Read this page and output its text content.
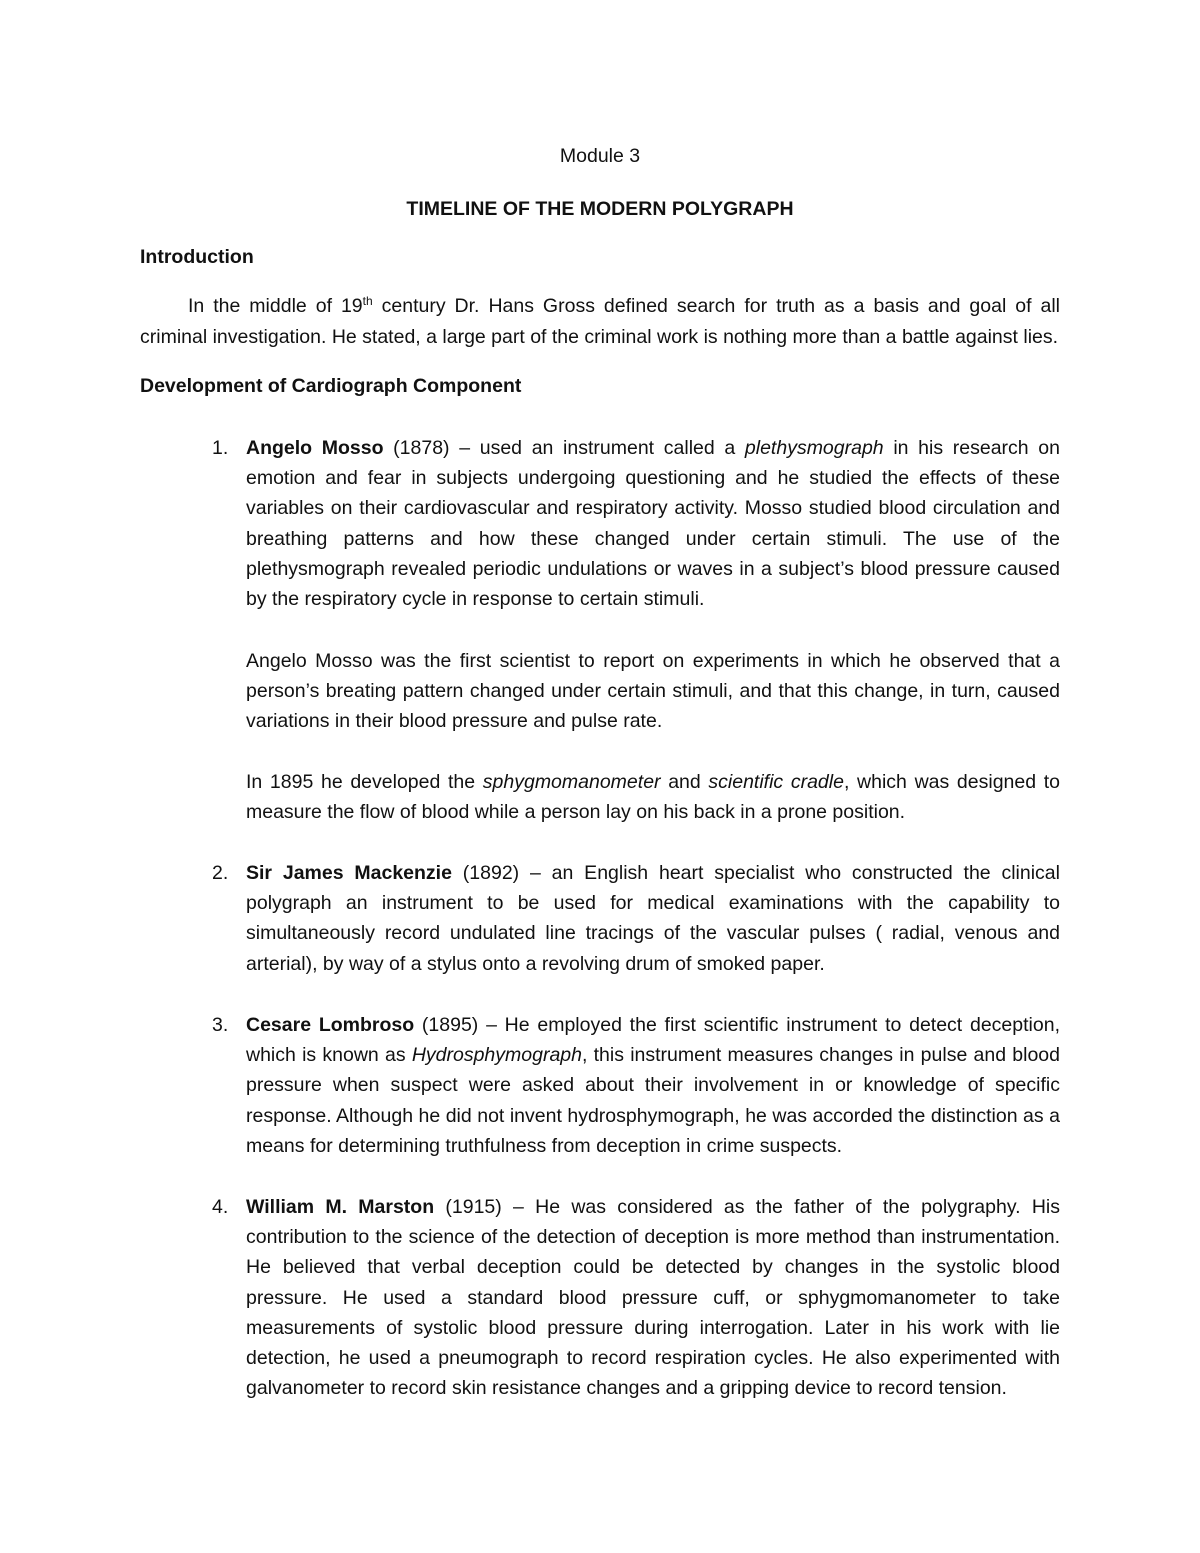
Module 3
TIMELINE OF THE MODERN POLYGRAPH
Introduction

In the middle of 19th century Dr. Hans Gross defined search for truth as a basis and goal of all criminal investigation. He stated, a large part of the criminal work is nothing more than a battle against lies.

Development of Cardiograph Component
1. Angelo Mosso (1878) – used an instrument called a plethysmograph in his research on emotion and fear in subjects undergoing questioning and he studied the effects of these variables on their cardiovascular and respiratory activity. Mosso studied blood circulation and breathing patterns and how these changed under certain stimuli. The use of the plethysmograph revealed periodic undulations or waves in a subject’s blood pressure caused by the respiratory cycle in response to certain stimuli.

Angelo Mosso was the first scientist to report on experiments in which he observed that a person’s breating pattern changed under certain stimuli, and that this change, in turn, caused variations in their blood pressure and pulse rate.

In 1895 he developed the sphygmomanometer and scientific cradle, which was designed to measure the flow of blood while a person lay on his back in a prone position.

2. Sir James Mackenzie (1892) – an English heart specialist who constructed the clinical polygraph an instrument to be used for medical examinations with the capability to simultaneously record undulated line tracings of the vascular pulses ( radial, venous and arterial), by way of a stylus onto a revolving drum of smoked paper.

3. Cesare Lombroso (1895) – He employed the first scientific instrument to detect deception, which is known as Hydrosphymograph, this instrument measures changes in pulse and blood pressure when suspect were asked about their involvement in or knowledge of specific response. Although he did not invent hydrosphymograph, he was accorded the distinction as a means for determining truthfulness from deception in crime suspects.

4. William M. Marston (1915) – He was considered as the father of the polygraphy. His contribution to the science of the detection of deception is more method than instrumentation. He believed that verbal deception could be detected by changes in the systolic blood pressure. He used a standard blood pressure cuff, or sphygmomanometer to take measurements of systolic blood pressure during interrogation. Later in his work with lie detection, he used a pneumograph to record respiration cycles. He also experimented with galvanometer to record skin resistance changes and a gripping device to record tension.
